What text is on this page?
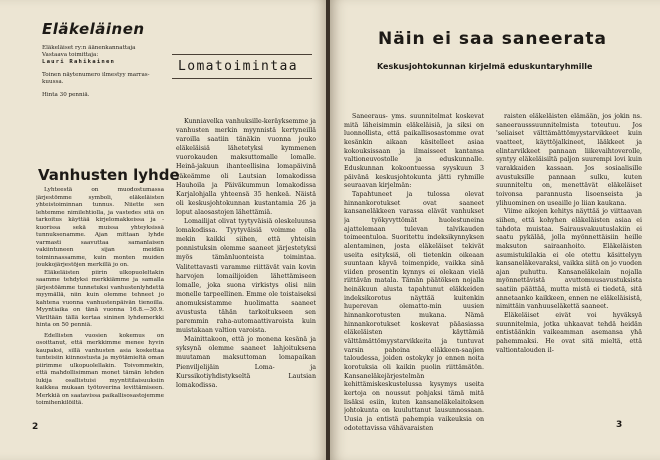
Eläkeläinen
Eläkeläiset ry:n äänenkannattaja
Vastaava toimittaja:
Lauri Rahikainen
Toinen näytenumero ilmestyy marras-
kuussa.
Hinta 30 penniä.
Vanhusten lyhde

Lyhteestä on muodostumassa järjestömme symboli, eläkeläisten yhteistoiminnan tunnus. Niiette sen lehtemme nimilehtiolla, ja vastedes sitä on tarkoitus käyttää kirjelomakkeissa ja -kuorissa sekä muissa yhteyksissä tunnuksenamme. Ajan mittaan lyhde varmasti saavuttaa samanlaisen vakiintuneen sijan meidän toiminnassamme, kuin monten muiden joukkojärjestöjen merkillä jo on.

Eläkeläisten piirin ulkopuoleltakin saamme tehdyksi merkkiämme ja samalla järjestöämme tunnetuksi vanhustenlyhdettä myymällä, niin kuin olemme tehneet jo kahtena vuonna vanhustenpäivän tienoilla. Myyntiaika on tänä vuonna 16.8.—30.9. Väriltään tällä kertaa sininen lyhdemerkki hinta on 50 penniä.

Edellisten vuosien kokemus on osoittanut, että merkkimme menee hyvin kaupaksi, sillä vanhusten asia koskettaa tunteisiin kiinnostusta ja myötämieltä oman piirimme ulkopuolellakin. Toivommekin, että mahdollisimman monet tämän lehden lukija osallistuisi myyntitilaisuuksiin kaikkea mukaan työtoverina levittämiseen. Merkkiä on saatavissa paikallisosastojemme toimihenkilöiltä.

2
Lomatoimintaa

Kunniavelka vanhuksille-keräyksemme ja vanhusten merkin myynnistä kertyneillä varoilla saatiin tänäkin vuonna jouko eläkeläisiä lähetetyksi kymmenen vuorokauden maksuttomalle lomalle. Heinä-jakuun ihanteellisina lomapäivinä väkeämme oli Lautsian lomakodissa Hauhoila ja Päiväkummun lomakodissa Karjalohjalla yhteensä 35 henkeä. Näistä oli keskusjohtokunnan kustantamia 26 ja loput alaosastojen lähettämiä.

Lomailijat olivat tyytyväisiä oleskeluunsa lomakodissa. Tyytyväisiä voimme olla mekin kaikki siihen, että yhteisin ponnistuksin olemme saaneet järjestetyksi myös tämänluonteista toimintaa. Valitettavasti varamme riittävät vain kovin harvojen lomailijoiden lähettämiseen lomalle, joka suona virkistys olisi niin monelle tarpeellinen. Emme ole toistaiseksi anomuksistamme huolimatta saaneet avustusta tähän tarkoitukseen sen paremmin raha-automaattivaroista kuin muistakaan valtion varoista.

Mainittakoon, että jo monena kesänä ja syksynä olemme saaneet lahjoituksena muutaman maksuttoman lomapaikan Pienviljelijäin Loma- ja Kurssikotiyhdistykseltä Lautsian lomakodissa.

Näin ei saa saneerata
Keskusjohtokunnan kirjelmä eduskuntaryhmille

Saneeraus- yms. suunnitelmat koskevat mitä läheisimmin eläkeläisiä, ja siksi on luonnollista, että paikallisosastomme ovat kesänkin aikaan käsitelleet asiaa kokouksissaan ja ilmaisseet kantansa valtioneuvostolle ja eduskunnalle. Eduskunnan kokoontuessa syyskuun 3 päivänä keskusjohtokunta jätti ryhmille seuraavan kirjelmän:

Tapahtuneet ja tulossa olevat hinnankorotukset ovat saaneet kansaneläkkeen varassa elävät vanhukset ja työkyvyttömät huolestuneina ajattelemaan tulevan talvikauden toimeentuloa. Suoritettu indeksikynnyksen alentaminen, josta eläkeläiset tekivät useita esityksiä, oli tietenkin oikeaan suuntaan käyvä toimenpide, vaikka sinä viiden prosentin kynnys ei olekaan vielä riittävän matala. Tämän päätöksen nojalla heinäkuun alusta tapahtunut eläkkeiden indeksikorotus näyttää kuitenkin huperevan olematto-min uusien hinnankorotusten mukana. Nämä hinnankorotukset koskevat pääasiassa eläkeläisten käyttämiä välttämättömyystarvikkeita ja tuntuvat varsin pahoina eläkkeen-saajien taloudessa, joiden ostokyky jo ennen noita korotuksia oli kaikin puolin riittämätön. Kansaneläkejärjestelmän kehittämiskeskustelussa kysymys useita kertoja on noussut pohjaksi tämä mitä lisäksi esiin, kuten kansaneläkelaitoksen johtokunta on kuuluttanut lausunnossaan. Uusia ja entistä pahempia vaikeuksia on odotettavissa vähävaraisten

raisten eläkeläisten elämään, jos jokin ns. saneerausssuunnitelmista toteutuu. Jos 'seliaiset välttämättömyystarvikkeet kuin vaatteet, käyttöjalkineet, lääkkeet ja elintarvikkeet pannaan liikevaihtoverolle, syntyy eläkeläisiltä paljon suurempi lovi kuin varakkaiden kassaan. Jos sosiaalisille avustuksille pannaan sulku, kuten suunniteltu on, menettävät eläkeläiset toivonsa parannusta lisoenseista ja ylihuominen on useaille jo liian kaukana.

Viime aikojen kehitys näyttää jo viittaavan siihen, että kohyhen eläkeläisten asiaa ei tahdota muistaa. Sairausvakuutuslakiin ei saatu pykälää, jolla myönnettäisiin heille maksuton sairaanhoito. Eläkeläisten asumistukilakia ei ole otettu käsittelyyn kansaneläkevaraksi, vaikka siitä on jo vuoden ajan puhuttu. Kansaneläkelain nojalla myönnettävistä avuttomuusavustuksista saatiin päättää, mutta mistä ei tiedetä, sitä annetaanko kaikkeen, ennen ne eläkeläisistä, nimittäin vanhuuseläkettä saaneet.

Eläkeläiset eivät voi hyväksyä suunnitelmia, jotka uhkaavat tehdä heidän entistäänkin vaikeamman asemansa yhä pahemmaksi. He ovat sitä mieltä, että valtiontalouden il-

3
